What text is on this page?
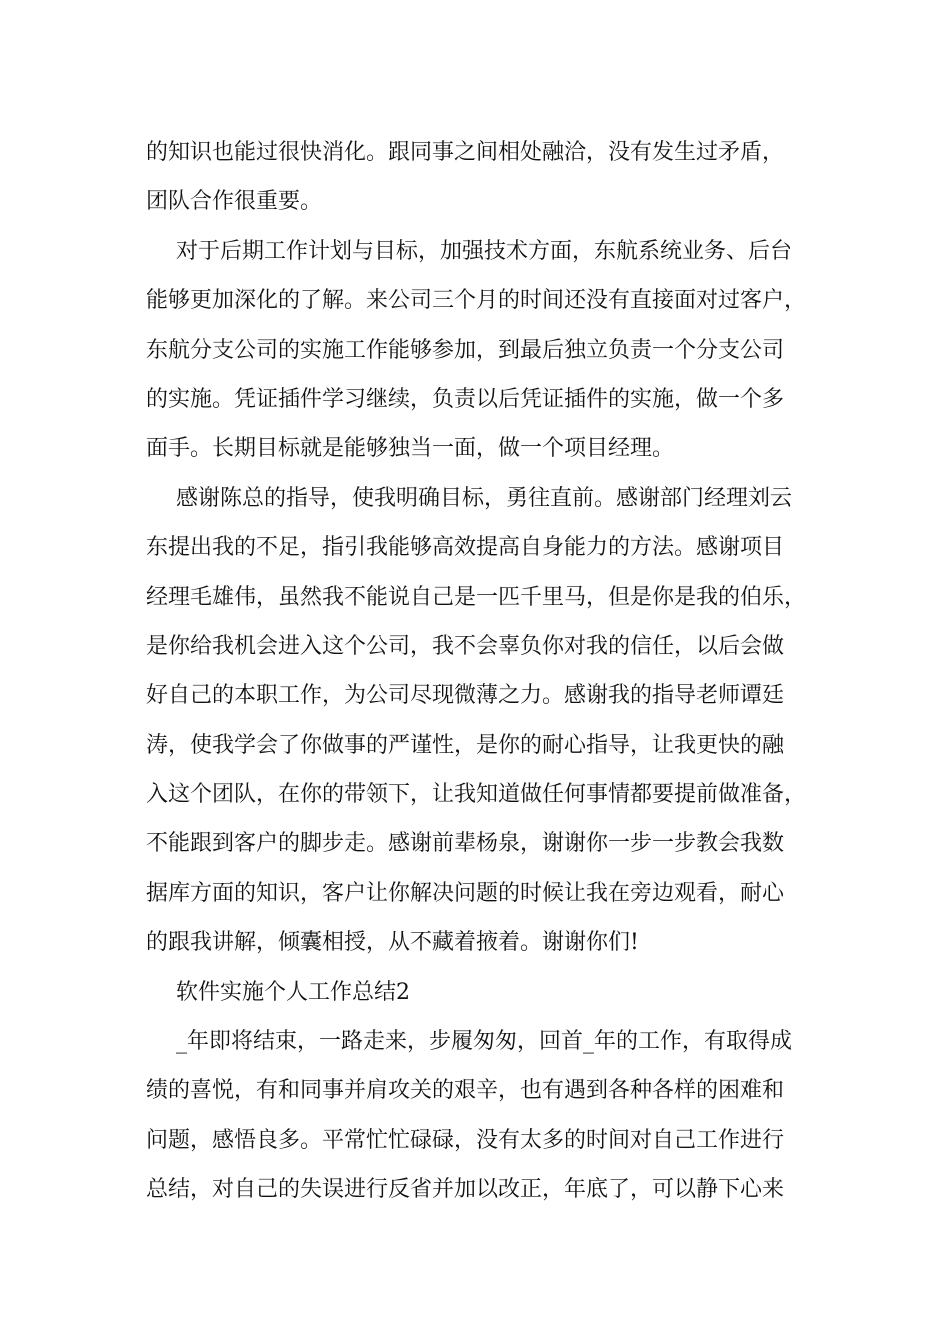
的知识也能过很快消化。跟同事之间相处融洽，没有发生过矛盾，
团队合作很重要。
对于后期工作计划与目标，加强技术方面，东航系统业务、后台
能够更加深化的了解。来公司三个月的时间还没有直接面对过客户，
东航分支公司的实施工作能够参加，到最后独立负责一个分支公司
的实施。凭证插件学习继续，负责以后凭证插件的实施，做一个多
面手。长期目标就是能够独当一面，做一个项目经理。
感谢陈总的指导，使我明确目标，勇往直前。感谢部门经理刘云
东提出我的不足，指引我能够高效提高自身能力的方法。感谢项目
经理毛雄伟，虽然我不能说自己是一匹千里马，但是你是我的伯乐，
是你给我机会进入这个公司，我不会辜负你对我的信任，以后会做
好自己的本职工作，为公司尽现微薄之力。感谢我的指导老师谭廷
涛，使我学会了你做事的严谨性，是你的耐心指导，让我更快的融
入这个团队，在你的带领下，让我知道做任何事情都要提前做准备，
不能跟到客户的脚步走。感谢前辈杨泉，谢谢你一步一步教会我数
据库方面的知识，客户让你解决问题的时候让我在旁边观看，耐心
的跟我讲解，倾囊相授，从不藏着掖着。谢谢你们!
软件实施个人工作总结2
_年即将结束，一路走来，步履匆匆，回首_年的工作，有取得成
绩的喜悦，有和同事并肩攻关的艰辛，也有遇到各种各样的困难和
问题，感悟良多。平常忙忙碌碌，没有太多的时间对自己工作进行
总结，对自己的失误进行反省并加以改正，年底了，可以静下心来
